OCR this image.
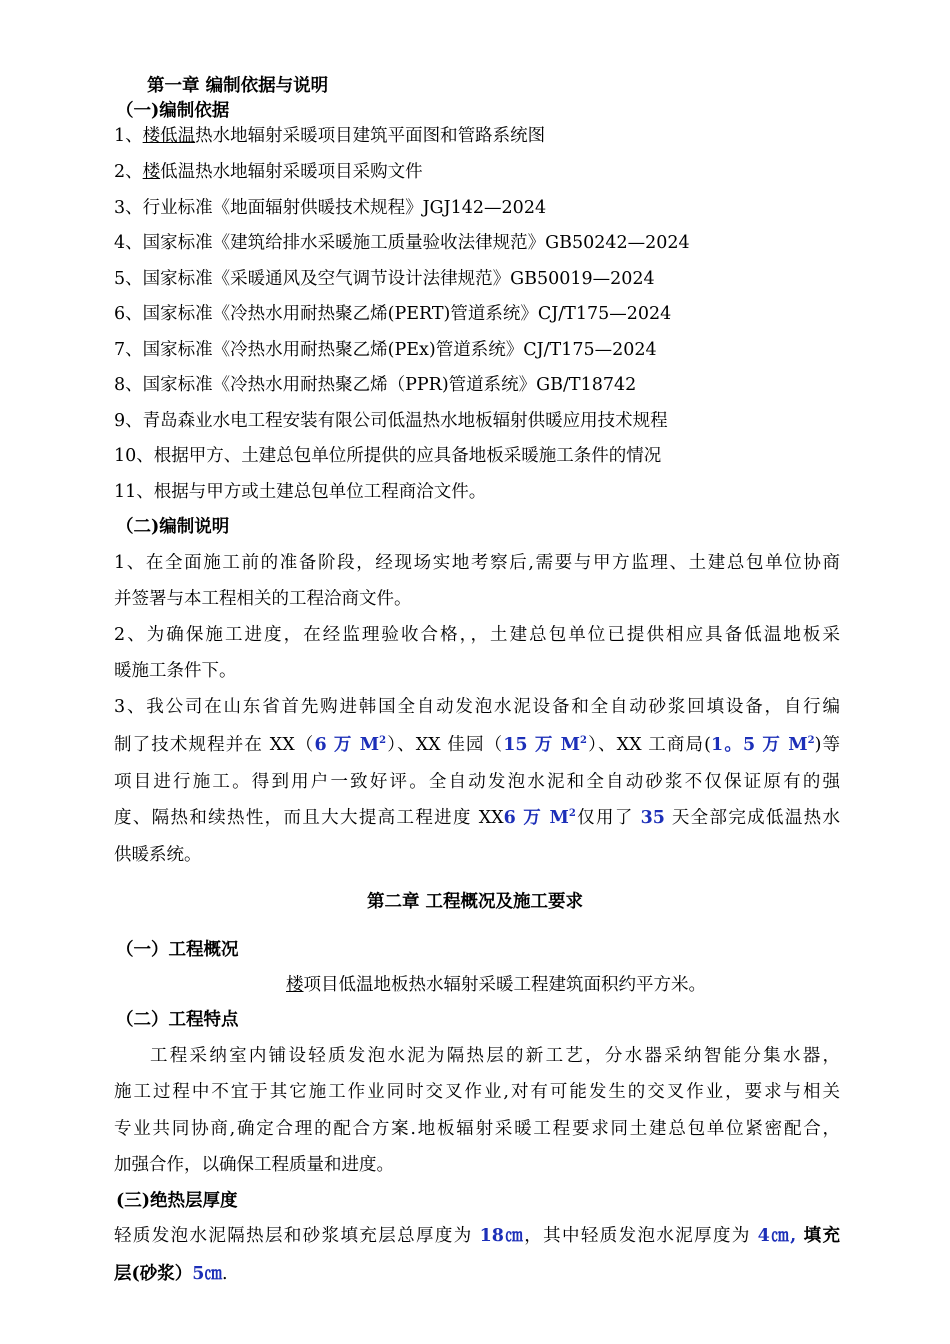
第一章 编制依据与说明
（一)编制依据
1、楼低温热水地辐射采暖项目建筑平面图和管路系统图
2、楼低温热水地辐射采暖项目采购文件
3、行业标准《地面辐射供暖技术规程》JGJ142—2024
4、国家标准《建筑给排水采暖施工质量验收法律规范》GB50242—2024
5、国家标准《采暖通风及空气调节设计法律规范》GB50019—2024
6、国家标准《冷热水用耐热聚乙烯(PERT)管道系统》CJ/T175—2024
7、国家标准《冷热水用耐热聚乙烯(PEx)管道系统》CJ/T175—2024
8、国家标准《冷热水用耐热聚乙烯（PPR)管道系统》GB/T18742
9、青岛森业水电工程安装有限公司低温热水地板辐射供暖应用技术规程
10、根据甲方、土建总包单位所提供的应具备地板采暖施工条件的情况
11、根据与甲方或土建总包单位工程商洽文件。
（二)编制说明
1、在全面施工前的准备阶段，经现场实地考察后,需要与甲方监理、土建总包单位协商
并签署与本工程相关的工程洽商文件。
2、为确保施工进度，在经监理验收合格，，土建总包单位已提供相应具备低温地板采
暖施工条件下。
3、我公司在山东省首先购进韩国全自动发泡水泥设备和全自动砂浆回填设备，自行编
制了技术规程并在 XX（6 万 $M^2$）、XX 佳园（15 万 $M^2$）、XX 工商局(1。5 万 $M^2$)等
项目进行施工。得到用户一致好评。全自动发泡水泥和全自动砂浆不仅保证原有的强
度、隔热和续热性，而且大大提高工程进度 XX6 万 $M^2$仅用了 35 天全部完成低温热水
供暖系统。
第二章 工程概况及施工要求
（一）工程概况
楼项目低温地板热水辐射采暖工程建筑面积约平方米。
（二）工程特点
工程采纳室内铺设轻质发泡水泥为隔热层的新工艺，分水器采纳智能分集水器，
施工过程中不宜于其它施工作业同时交叉作业,对有可能发生的交叉作业，要求与相关
专业共同协商,确定合理的配合方案.地板辐射采暖工程要求同土建总包单位紧密配合，
加强合作，以确保工程质量和进度。
(三)绝热层厚度
轻质发泡水泥隔热层和砂浆填充层总厚度为 18㎝，其中轻质发泡水泥厚度为 4㎝, 填充
层(砂浆）5㎝.
